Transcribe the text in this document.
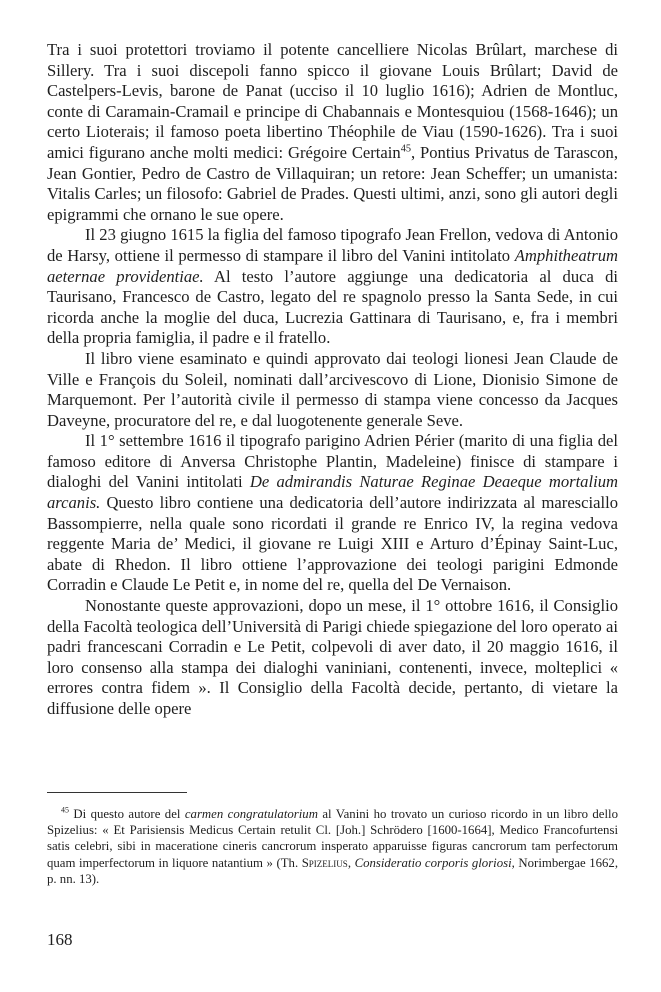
Tra i suoi protettori troviamo il potente cancelliere Nicolas Brûlart, marchese di Sillery. Tra i suoi discepoli fanno spicco il giovane Louis Brûlart; David de Castelpers-Levis, barone de Panat (ucciso il 10 luglio 1616); Adrien de Montluc, conte di Caramain-Cramail e principe di Chabannais e Montesquiou (1568-1646); un certo Lioterais; il famoso poeta libertino Théophile de Viau (1590-1626). Tra i suoi amici figurano anche molti medici: Grégoire Certain$^{45}$, Pontius Privatus de Tarascon, Jean Gontier, Pedro de Castro de Villaquiran; un retore: Jean Scheffer; un umanista: Vitalis Carles; un filosofo: Gabriel de Prades. Questi ultimi, anzi, sono gli autori degli epigrammi che ornano le sue opere.

Il 23 giugno 1615 la figlia del famoso tipografo Jean Frellon, vedova di Antonio de Harsy, ottiene il permesso di stampare il libro del Vanini intitolato Amphitheatrum aeternae providentiae. Al testo l’autore aggiunge una dedicatoria al duca di Taurisano, Francesco de Castro, legato del re spagnolo presso la Santa Sede, in cui ricorda anche la moglie del duca, Lucrezia Gattinara di Taurisano, e, fra i membri della propria famiglia, il padre e il fratello.

Il libro viene esaminato e quindi approvato dai teologi lionesi Jean Claude de Ville e François du Soleil, nominati dall’arcivescovo di Lione, Dionisio Simone de Marquemont. Per l’autorità civile il permesso di stampa viene concesso da Jacques Daveyne, procuratore del re, e dal luogotenente generale Seve.

Il 1° settembre 1616 il tipografo parigino Adrien Périer (marito di una figlia del famoso editore di Anversa Christophe Plantin, Madeleine) finisce di stampare i dialoghi del Vanini intitolati De admirandis Naturae Reginae Deaeque mortalium arcanis. Questo libro contiene una dedicatoria dell’autore indirizzata al maresciallo Bassompierre, nella quale sono ricordati il grande re Enrico IV, la regina vedova reggente Maria de’ Medici, il giovane re Luigi XIII e Arturo d’Épinay Saint-Luc, abate di Rhedon. Il libro ottiene l’approvazione dei teologi parigini Edmonde Corradin e Claude Le Petit e, in nome del re, quella del De Vernaison.

Nonostante queste approvazioni, dopo un mese, il 1° ottobre 1616, il Consiglio della Facoltà teologica dell’Università di Parigi chiede spiegazione del loro operato ai padri francescani Corradin e Le Petit, colpevoli di aver dato, il 20 maggio 1616, il loro consenso alla stampa dei dialoghi vaniniani, contenenti, invece, molteplici « errores contra fidem ». Il Consiglio della Facoltà decide, pertanto, di vietare la diffusione delle opere

$^{45}$ Di questo autore del carmen congratulatorium al Vanini ho trovato un curioso ricordo in un libro dello Spizelius: « Et Parisiensis Medicus Certain retulit Cl. [Joh.] Schrödero [1600-1664], Medico Francofurtensi satis celebri, sibi in maceratione cineris cancrorum insperato apparuisse figuras cancrorum tam perfectorum quam imperfectorum in liquore natantium » (Th. Spizelius, Consideratio corporis gloriosi, Norimbergae 1662, p. nn. 13).

168
